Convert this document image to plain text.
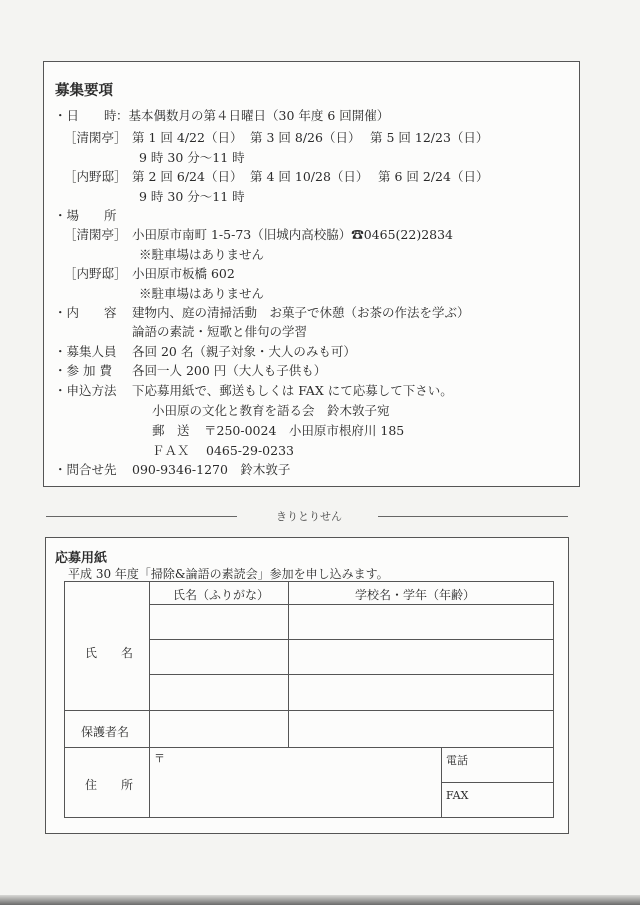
募集要項
・日　　時 ：基本偶数月の第４日曜日（30 年度 6 回開催）
［清閑亭］ 第 1 回 4/22（日） 第 3 回 8/26（日） 第 5 回 12/23（日）
9 時 30 分～11 時
［内野邸］ 第 2 回 6/24（日） 第 4 回 10/28（日） 第 6 回 2/24（日）
9 時 30 分～11 時
・場　　所
［清閑亭］ 小田原市南町 1-5-73（旧城内高校脇）☎0465(22)2834
※駐車場はありません
［内野邸］ 小田原市板橋 602
※駐車場はありません
・内　　容 建物内、庭の清掃活動　お菓子で休憩（お茶の作法を学ぶ）
論語の素読・短歌と俳句の学習
・募集人員 各回 20 名（親子対象・大人のみも可）
・参 加 費 各回一人 200 円（大人も子供も）
・申込方法 下応募用紙で、郵送もしくは FAX にて応募して下さい。
小田原の文化と教育を語る会　鈴木敦子宛
郵　送 〒250-0024　小田原市根府川 185
ＦＡＸ 0465-29-0233
・問合せ先 090-9346-1270　鈴木敦子
きりとりせん
応募用紙
平成 30 年度「掃除&論語の素読会」参加を申し込みます。
氏名（ふりがな）	学校名・学年（年齢）
氏　　名
保護者名
住　　所
〒	電話
FAX
